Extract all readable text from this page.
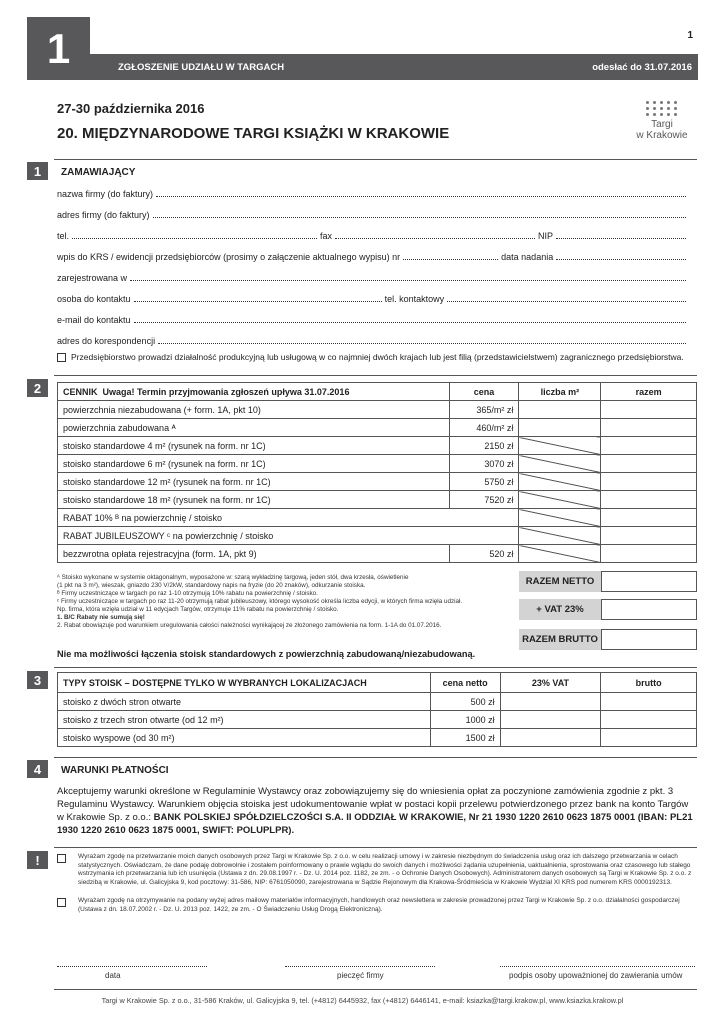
1	ZGŁOSZENIE UDZIAŁU W TARGACH	odesłać do 31.07.2016
1
27-30 października 2016
20. MIĘDZYNARODOWE TARGI KSIĄŻKI W KRAKOWIE
Targi
w Krakowie
1	ZAMAWIAJĄCY
nazwa firmy (do faktury)
adres firmy (do faktury)
tel.	fax	NIP
wpis do KRS / ewidencji przedsiębiorców (prosimy o załączenie aktualnego wypisu) nr	data nadania
zarejestrowana w
osoba do kontaktu	tel. kontaktowy
e-mail do kontaktu
adres do korespondencji
Przedsiębiorstwo prowadzi działalność produkcyjną lub usługową w co najmniej dwóch krajach lub jest filią (przedstawicielstwem) zagranicznego przedsiębiorstwa.
2	CENNIK Uwaga! Termin przyjmowania zgłoszeń upływa 31.07.2016	cena	liczba m²	razem
powierzchnia niezabudowana (+ form. 1A, pkt 10)	365/m² zł		
powierzchnia zabudowana ᴬ	460/m² zł		
stoisko standardowe 4 m² (rysunek na form. nr 1C)	2150 zł		
stoisko standardowe 6 m² (rysunek na form. nr 1C)	3070 zł		
stoisko standardowe 12 m² (rysunek na form. nr 1C)	5750 zł		
stoisko standardowe 18 m² (rysunek na form. nr 1C)	7520 zł		
RABAT 10% ᴮ na powierzchnię / stoisko			
RABAT JUBILEUSZOWY ᶜ na powierzchnię / stoisko			
bezzwrotna opłata rejestracyjna (form. 1A, pkt 9)	520 zł		
ᴬ Stoisko wykonane w systemie oktagonalnym, wyposażone w: szarą wykładzinę targową, jeden stół, dwa krzesła, oświetlenie
(1 pkt na 3 m²), wieszak, gniazdo 230 V/2kW, standardowy napis na fryzie (do 20 znaków), odkurzanie stoiska.
ᴮ Firmy uczestniczące w targach po raz 1-10 otrzymują 10% rabatu na powierzchnię / stoisko.
ᶜ Firmy uczestniczące w targach po raz 11-20 otrzymują rabat jubileuszowy, którego wysokość określa liczba edycji, w których firma wzięła udział.
Np. firma, która wzięła udział w 11 edycjach Targów, otrzymuje 11% rabatu na powierzchnię / stoisko.
1. B/C Rabaty nie sumują się!
2. Rabat obowiązuje pod warunkiem uregulowania całości należności wynikającej ze złożonego zamówienia na form. 1-1A do 01.07.2016.
Nie ma możliwości łączenia stoisk standardowych z powierzchnią zabudowaną/niezabudowaną.
RAZEM NETTO
+ VAT 23%
RAZEM BRUTTO
3	TYPY STOISK – DOSTĘPNE TYLKO W WYBRANYCH LOKALIZACJACH	cena netto	23% VAT	brutto
stoisko z dwóch stron otwarte	500 zł		
stoisko z trzech stron otwarte (od 12 m²)	1000 zł		
stoisko wyspowe (od 30 m²)	1500 zł		
4	WARUNKI PŁATNOŚCI
Akceptujemy warunki określone w Regulaminie Wystawcy oraz zobowiązujemy się do wniesienia opłat za poczynione zamówienia zgodnie z pkt. 3 Regulaminu Wystawcy. Warunkiem objęcia stoiska jest udokumentowanie wpłat w postaci kopii przelewu potwierdzonego przez bank na konto Targów w Krakowie Sp. z o.o.: BANK POLSKIEJ SPÓŁDZIELCZOŚCI S.A. II ODDZIAŁ W KRAKOWIE, Nr 21 1930 1220 2610 0623 1875 0001 (IBAN: PL21 1930 1220 2610 0623 1875 0001, SWIFT: POLUPLPR).
!	Wyrażam zgodę na przetwarzanie moich danych osobowych przez Targi w Krakowie Sp. z o.o. w celu realizacji umowy i w zakresie niezbędnym do świadczenia usług oraz ich dalszego przetwarzania w celach statystycznych. Oświadczam, że dane podaję dobrowolnie i zostałem poinformowany o prawie wglądu do swoich danych i możliwości żądania uzupełnienia, uaktualnienia, sprostowania oraz czasowego lub stałego wstrzymania ich przetwarzania lub ich usunięcia (Ustawa z dn. 29.08.1997 r. - Dz. U. 2014 poz. 1182, ze zm. - o Ochronie Danych Osobowych). Administratorem danych osobowych są Targi w Krakowie Sp. z o.o. z siedzibą w Krakowie, ul. Galicyjska 9, kod pocztowy: 31-586, NIP: 6761050090, zarejestrowana w Sądzie Rejonowym dla Krakowa-Śródmieścia w Krakowie Wydział XI KRS pod numerem KRS 0000192313.
Wyrażam zgodę na otrzymywanie na podany wyżej adres mailowy materiałów informacyjnych, handlowych oraz newslettera w zakresie prowadzonej przez Targi w Krakowie Sp. z o.o. działalności gospodarczej (Ustawa z dn. 18.07.2002 r. - Dz. U. 2013 poz. 1422, ze zm. - O Świadczeniu Usług Drogą Elektroniczną).
data	pieczęć firmy	podpis osoby upoważnionej do zawierania umów
Targi w Krakowie Sp. z o.o., 31-586 Kraków, ul. Galicyjska 9, tel. (+4812) 6445932, fax (+4812) 6446141, e-mail: ksiazka@targi.krakow.pl, www.ksiazka.krakow.pl
